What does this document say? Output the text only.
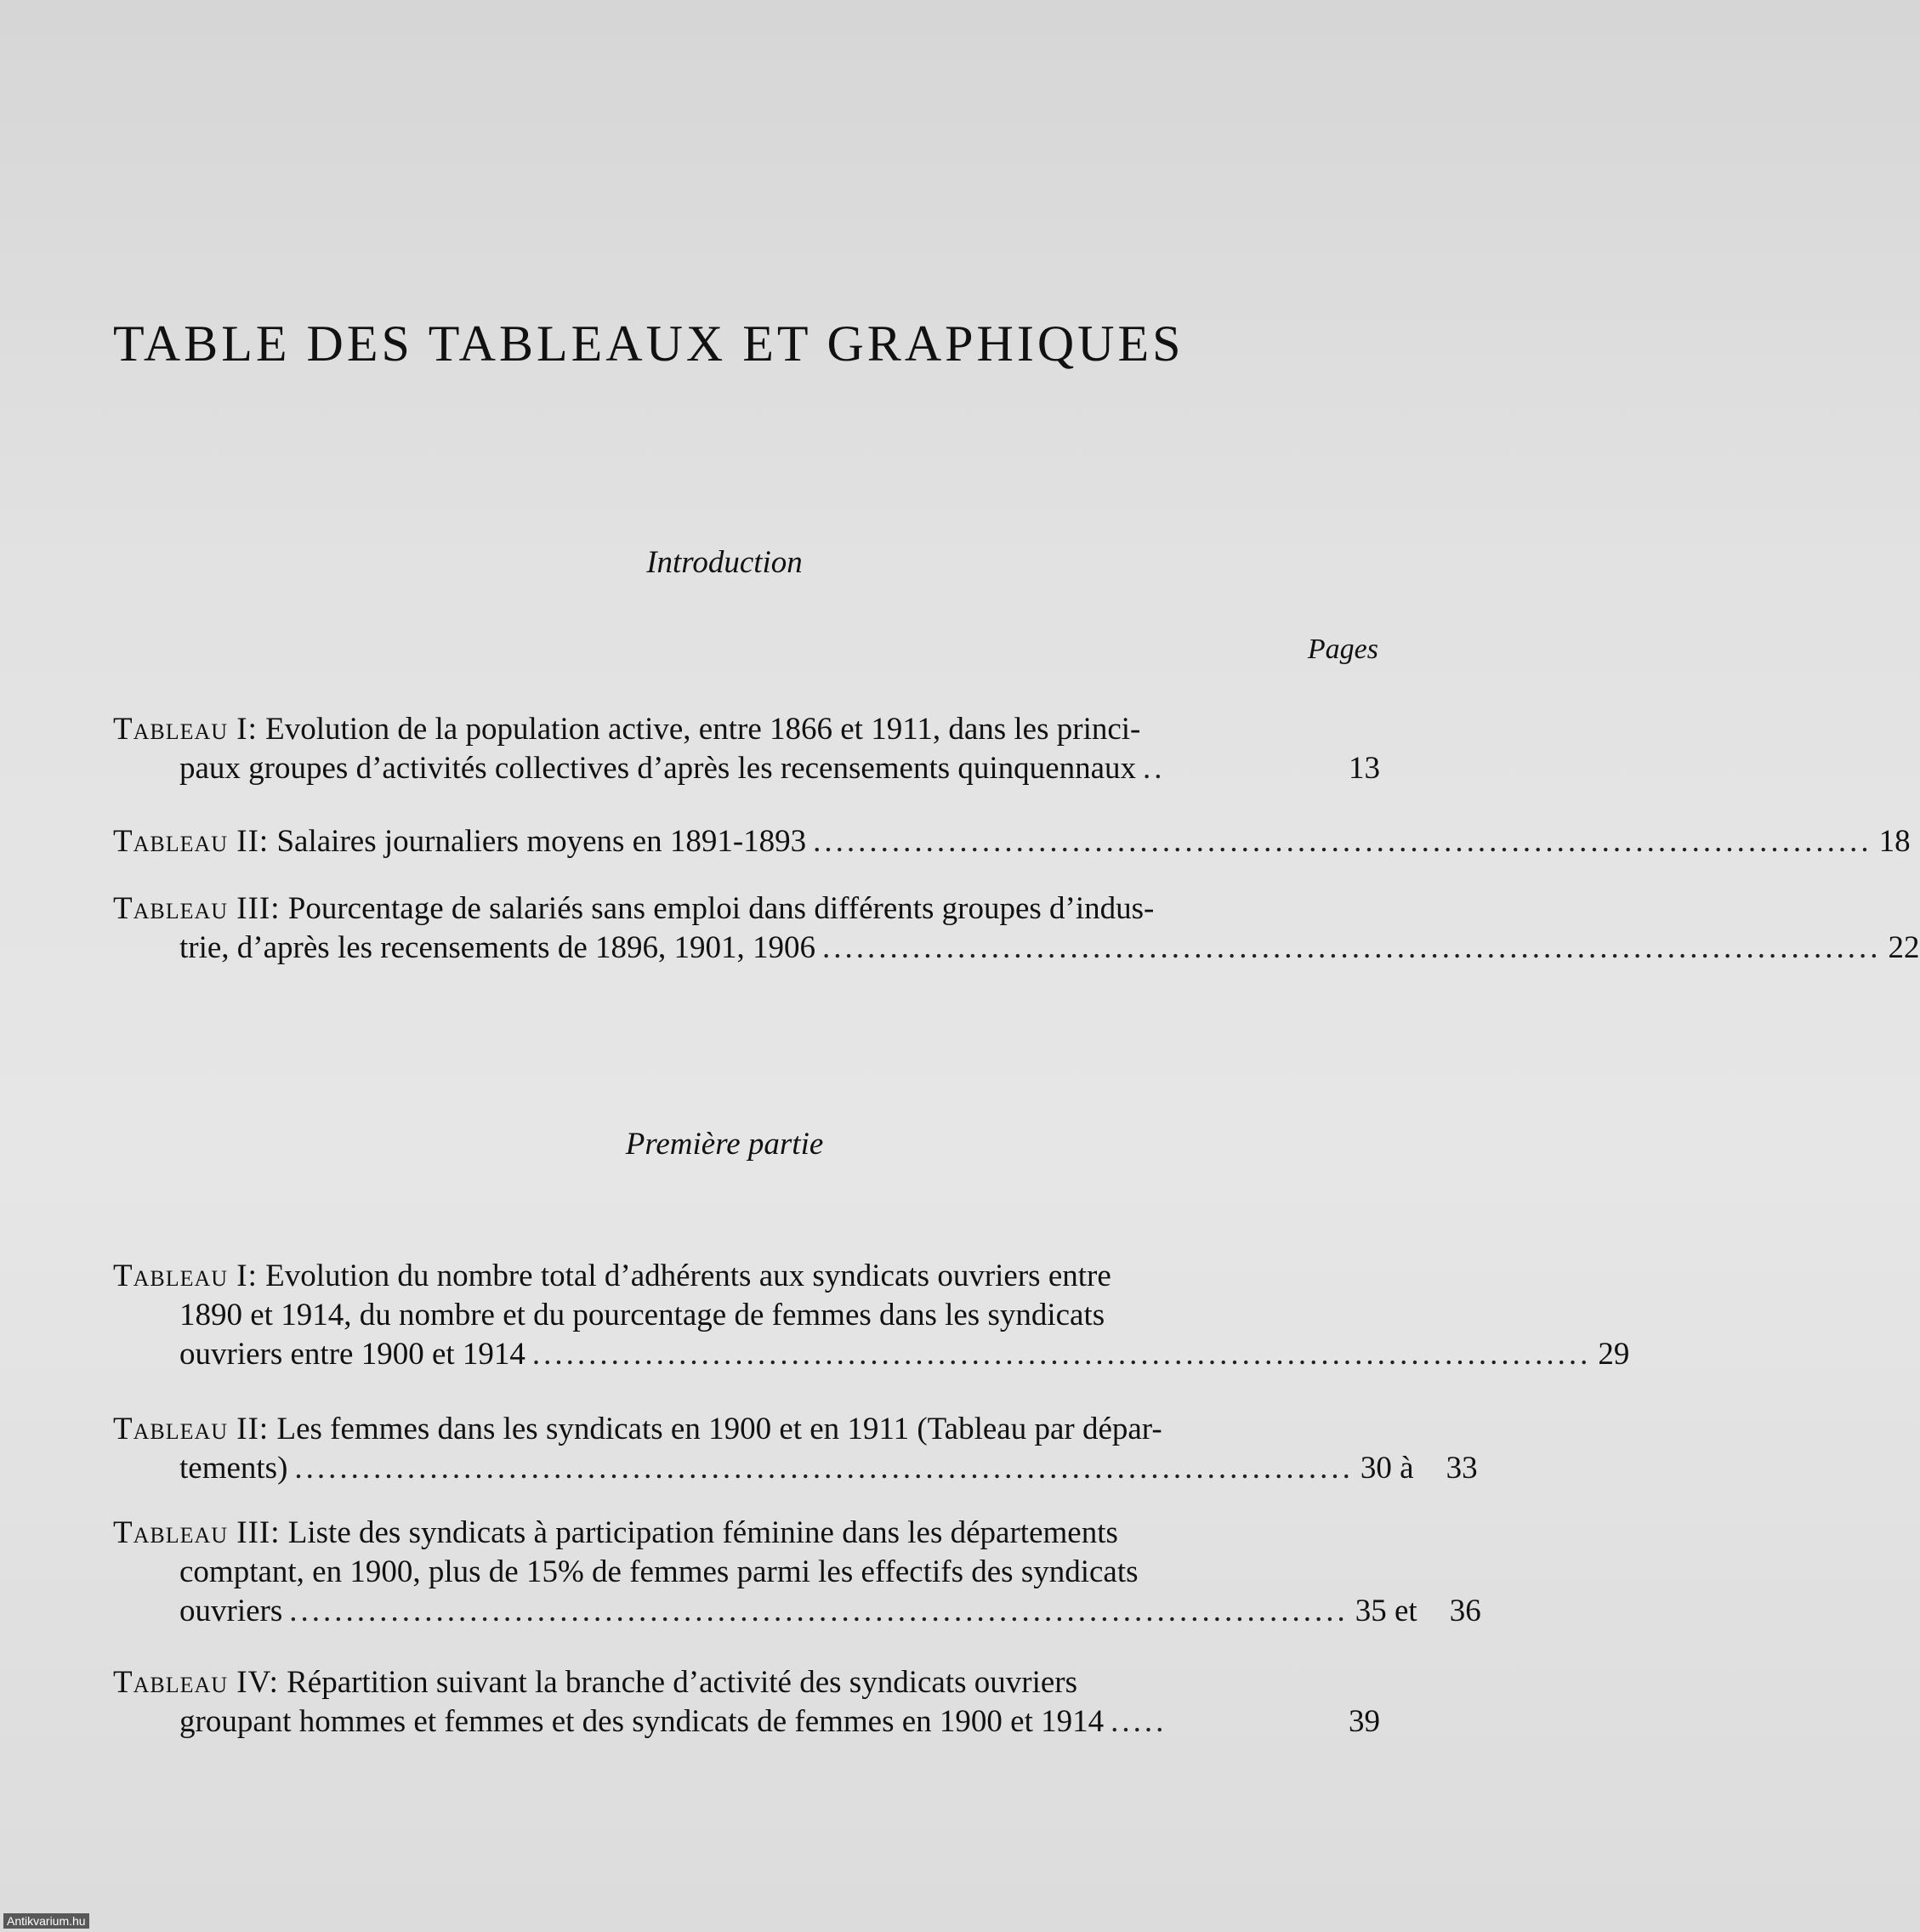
TABLE DES TABLEAUX ET GRAPHIQUES
Introduction
Pages
Tableau I: Evolution de la population active, entre 1866 et 1911, dans les princi-
paux groupes d’activités collectives d’après les recensements quinquennaux ..	13
Tableau II: Salaires journaliers moyens en 1891-1893 .............................................................................................. 18
Tableau III: Pourcentage de salariés sans emploi dans différents groupes d’indus-
trie, d’après les recensements de 1896, 1901, 1906 .............................................................................................. 22
Première partie
Tableau I: Evolution du nombre total d’adhérents aux syndicats ouvriers entre
1890 et 1914, du nombre et du pourcentage de femmes dans les syndicats
ouvriers entre 1900 et 1914 .............................................................................................. 29
Tableau II: Les femmes dans les syndicats en 1900 et en 1911 (Tableau par dépar-
tements) .............................................................................................. 30 à 33
Tableau III: Liste des syndicats à participation féminine dans les départements
comptant, en 1900, plus de 15% de femmes parmi les effectifs des syndicats
ouvriers .............................................................................................. 35 et 36
Tableau IV: Répartition suivant la branche d’activité des syndicats ouvriers
groupant hommes et femmes et des syndicats de femmes en 1900 et 1914 .....	39
Antikvarium.hu
